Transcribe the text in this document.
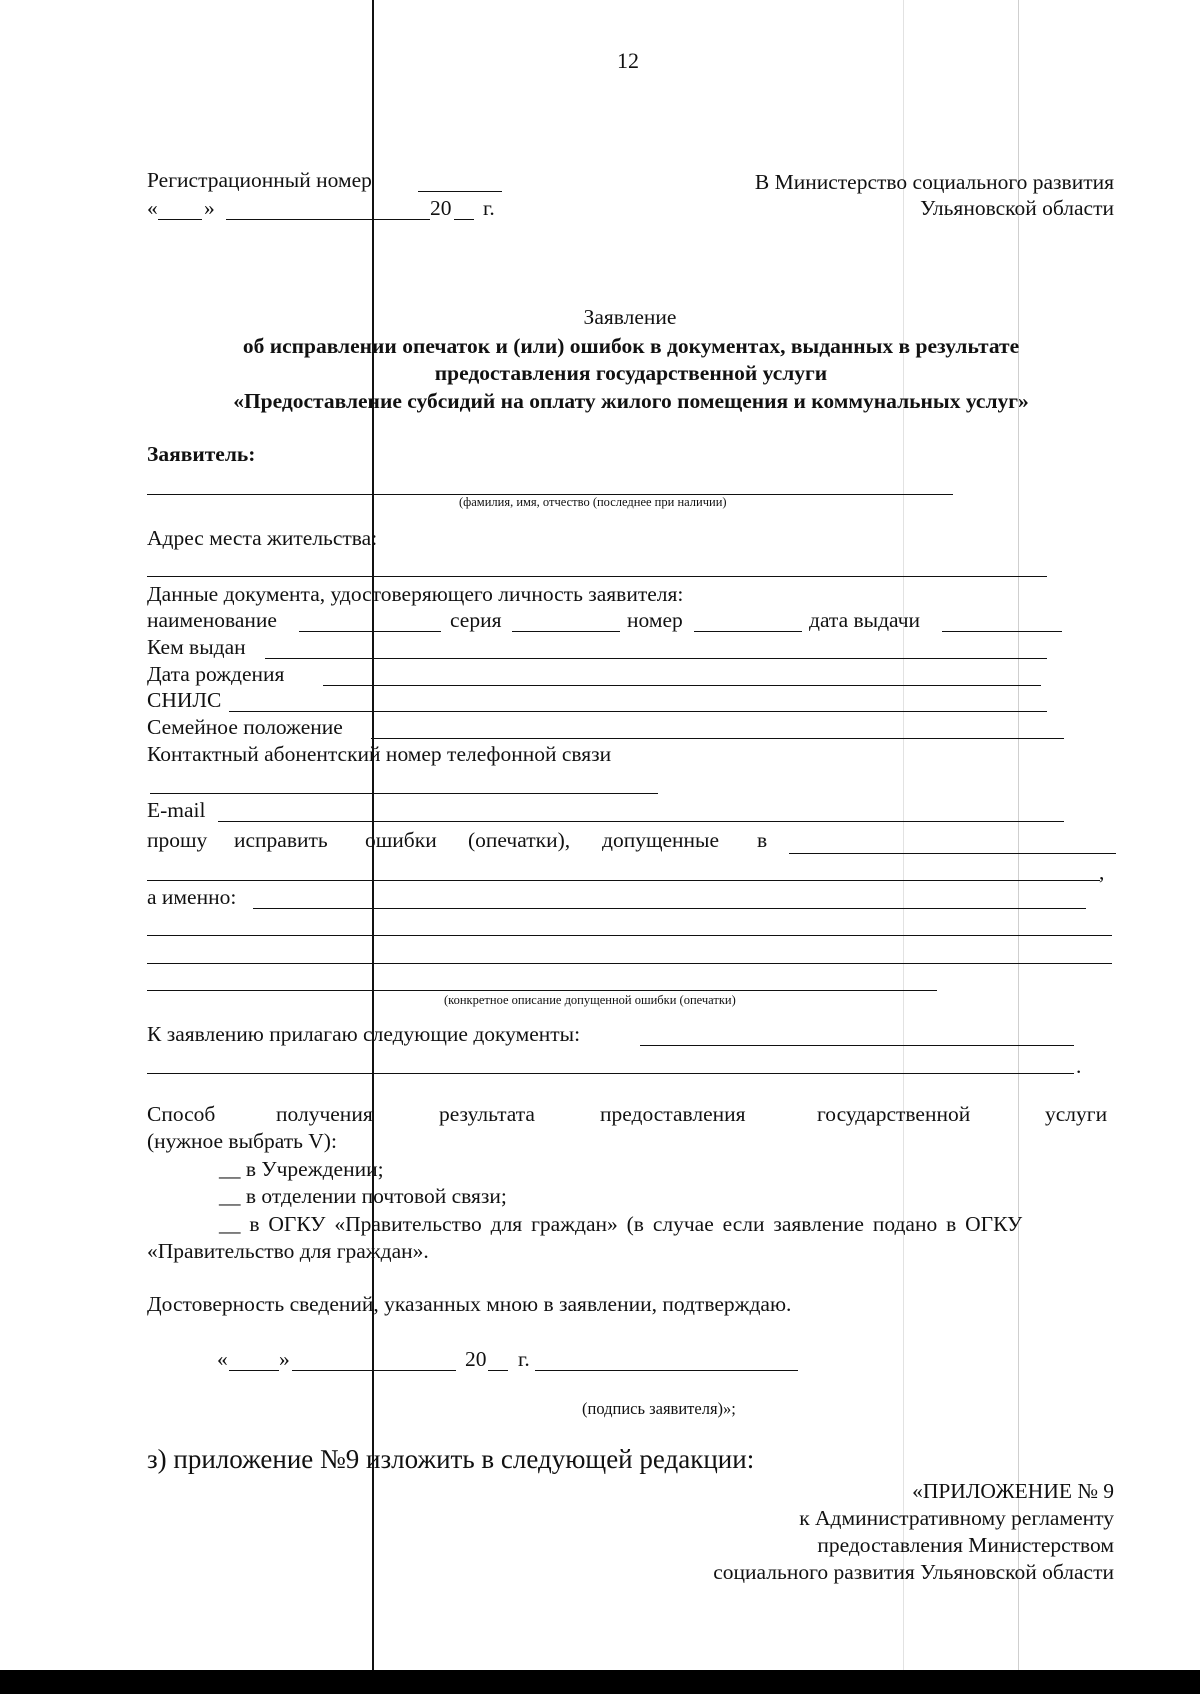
12
Регистрационный номер
« »	20 г.
В Министерство социального развития
Ульяновской области
Заявление
об исправлении опечаток и (или) ошибок в документах, выданных в результате
предоставления государственной услуги
«Предоставление субсидий на оплату жилого помещения и коммунальных услуг»
Заявитель:
(фамилия, имя, отчество (последнее при наличии)
Адрес места жительства:
Данные документа, удостоверяющего личность заявителя:
наименование	серия	номер	дата выдачи
Кем выдан
Дата рождения
СНИЛС
Семейное положение
Контактный абонентский номер телефонной связи
E-mail
прошу исправить ошибки (опечатки), допущенные в
,
а именно:
(конкретное описание допущенной ошибки (опечатки)
К заявлению прилагаю следующие документы:
.
Способ	получения	результата	предоставления	государственной	услуги
(нужное выбрать V):
__ в Учреждении;
__ в отделении почтовой связи;
__ в ОГКУ «Правительство для граждан» (в случае если заявление подано в ОГКУ
«Правительство для граждан».
Достоверность сведений, указанных мною в заявлении, подтверждаю.
« »	20 г.
(подпись заявителя)»;
з) приложение №9 изложить в следующей редакции:
«ПРИЛОЖЕНИЕ № 9
к Административному регламенту
предоставления Министерством
социального развития Ульяновской области
